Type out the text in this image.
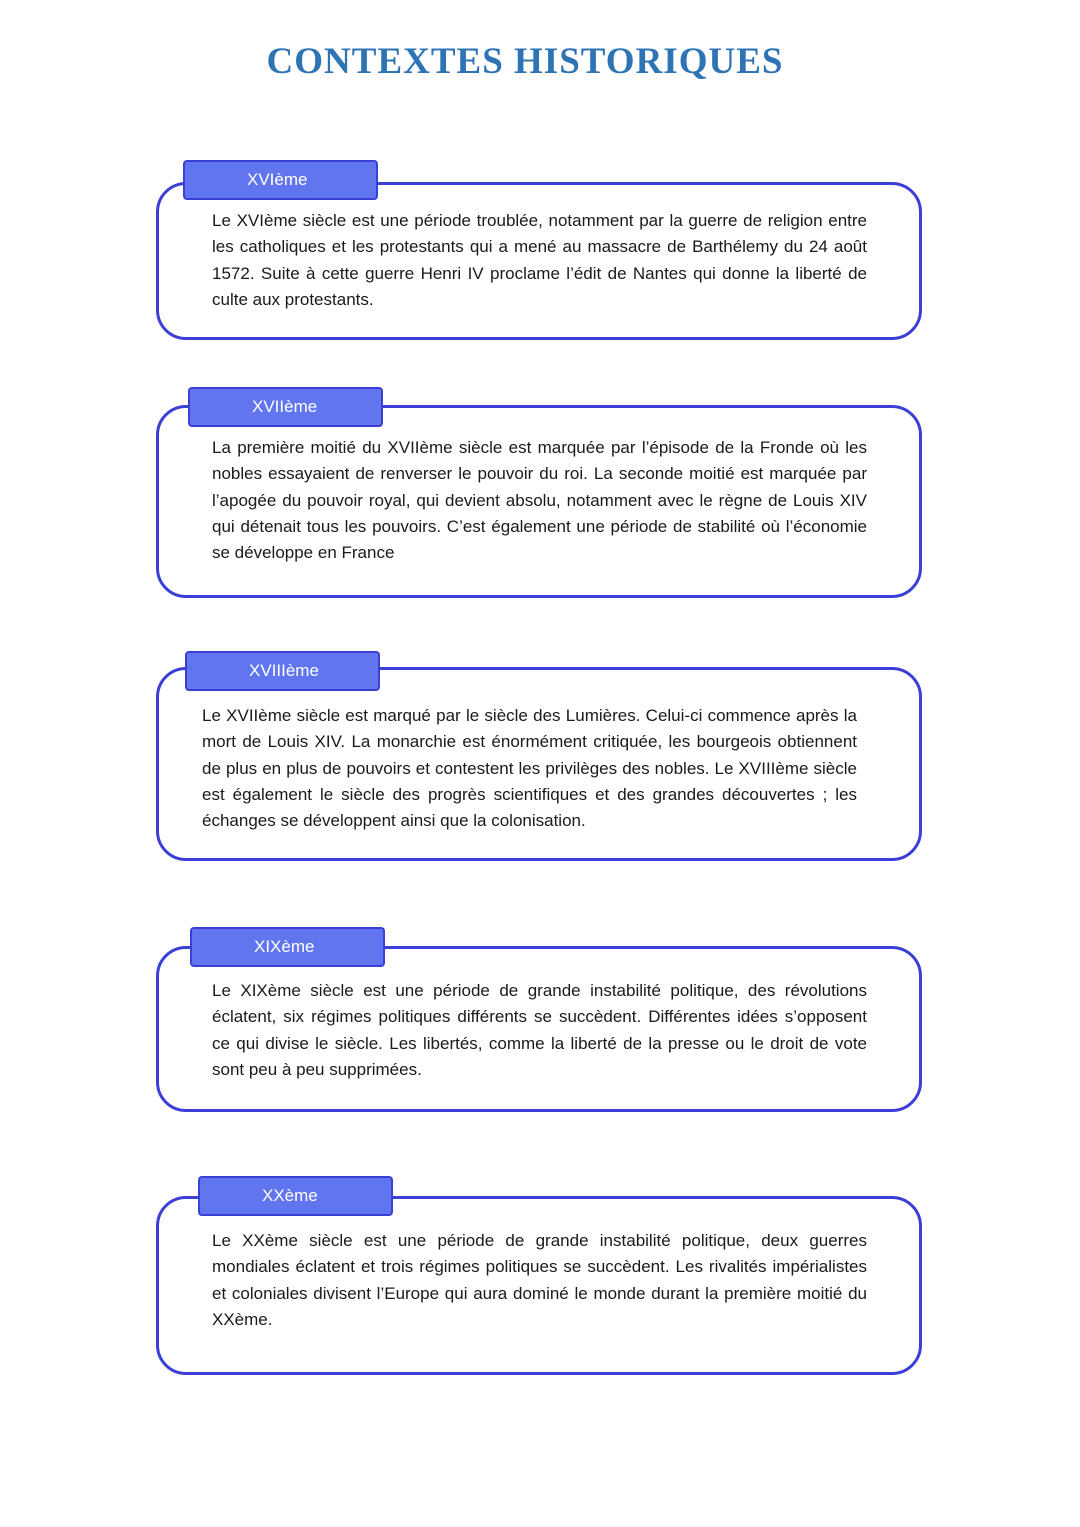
CONTEXTES HISTORIQUES
XVIème

Le XVIème siècle est une période troublée, notamment par la guerre de religion entre les catholiques et les protestants qui a mené au massacre de Barthélemy du 24 août 1572. Suite à cette guerre Henri IV proclame l’édit de Nantes qui donne la liberté de culte aux protestants.

XVIIème

La première moitié du XVIIème siècle est marquée par l’épisode de la Fronde où les nobles essayaient de renverser le pouvoir du roi. La seconde moitié est marquée par l’apogée du pouvoir royal, qui devient absolu, notamment avec le règne de Louis XIV qui détenait tous les pouvoirs. C’est également une période de stabilité où l’économie se développe en France

XVIIIème

Le XVIIème siècle est marqué par le siècle des Lumières. Celui-ci commence après la mort de Louis XIV. La monarchie est énormément critiquée, les bourgeois obtiennent de plus en plus de pouvoirs et contestent les privilèges des nobles. Le XVIIIème siècle est également le siècle des progrès scientifiques et des grandes découvertes ; les échanges se développent ainsi que la colonisation.

XIXème

Le XIXème siècle est une période de grande instabilité politique, des révolutions éclatent, six régimes politiques différents se succèdent. Différentes idées s’opposent ce qui divise le siècle. Les libertés, comme la liberté de la presse ou le droit de vote sont peu à peu supprimées.

XXème

Le XXème siècle est une période de grande instabilité politique, deux guerres mondiales éclatent et trois régimes politiques se succèdent. Les rivalités impérialistes et coloniales divisent l’Europe qui aura dominé le monde durant la première moitié du XXème.
